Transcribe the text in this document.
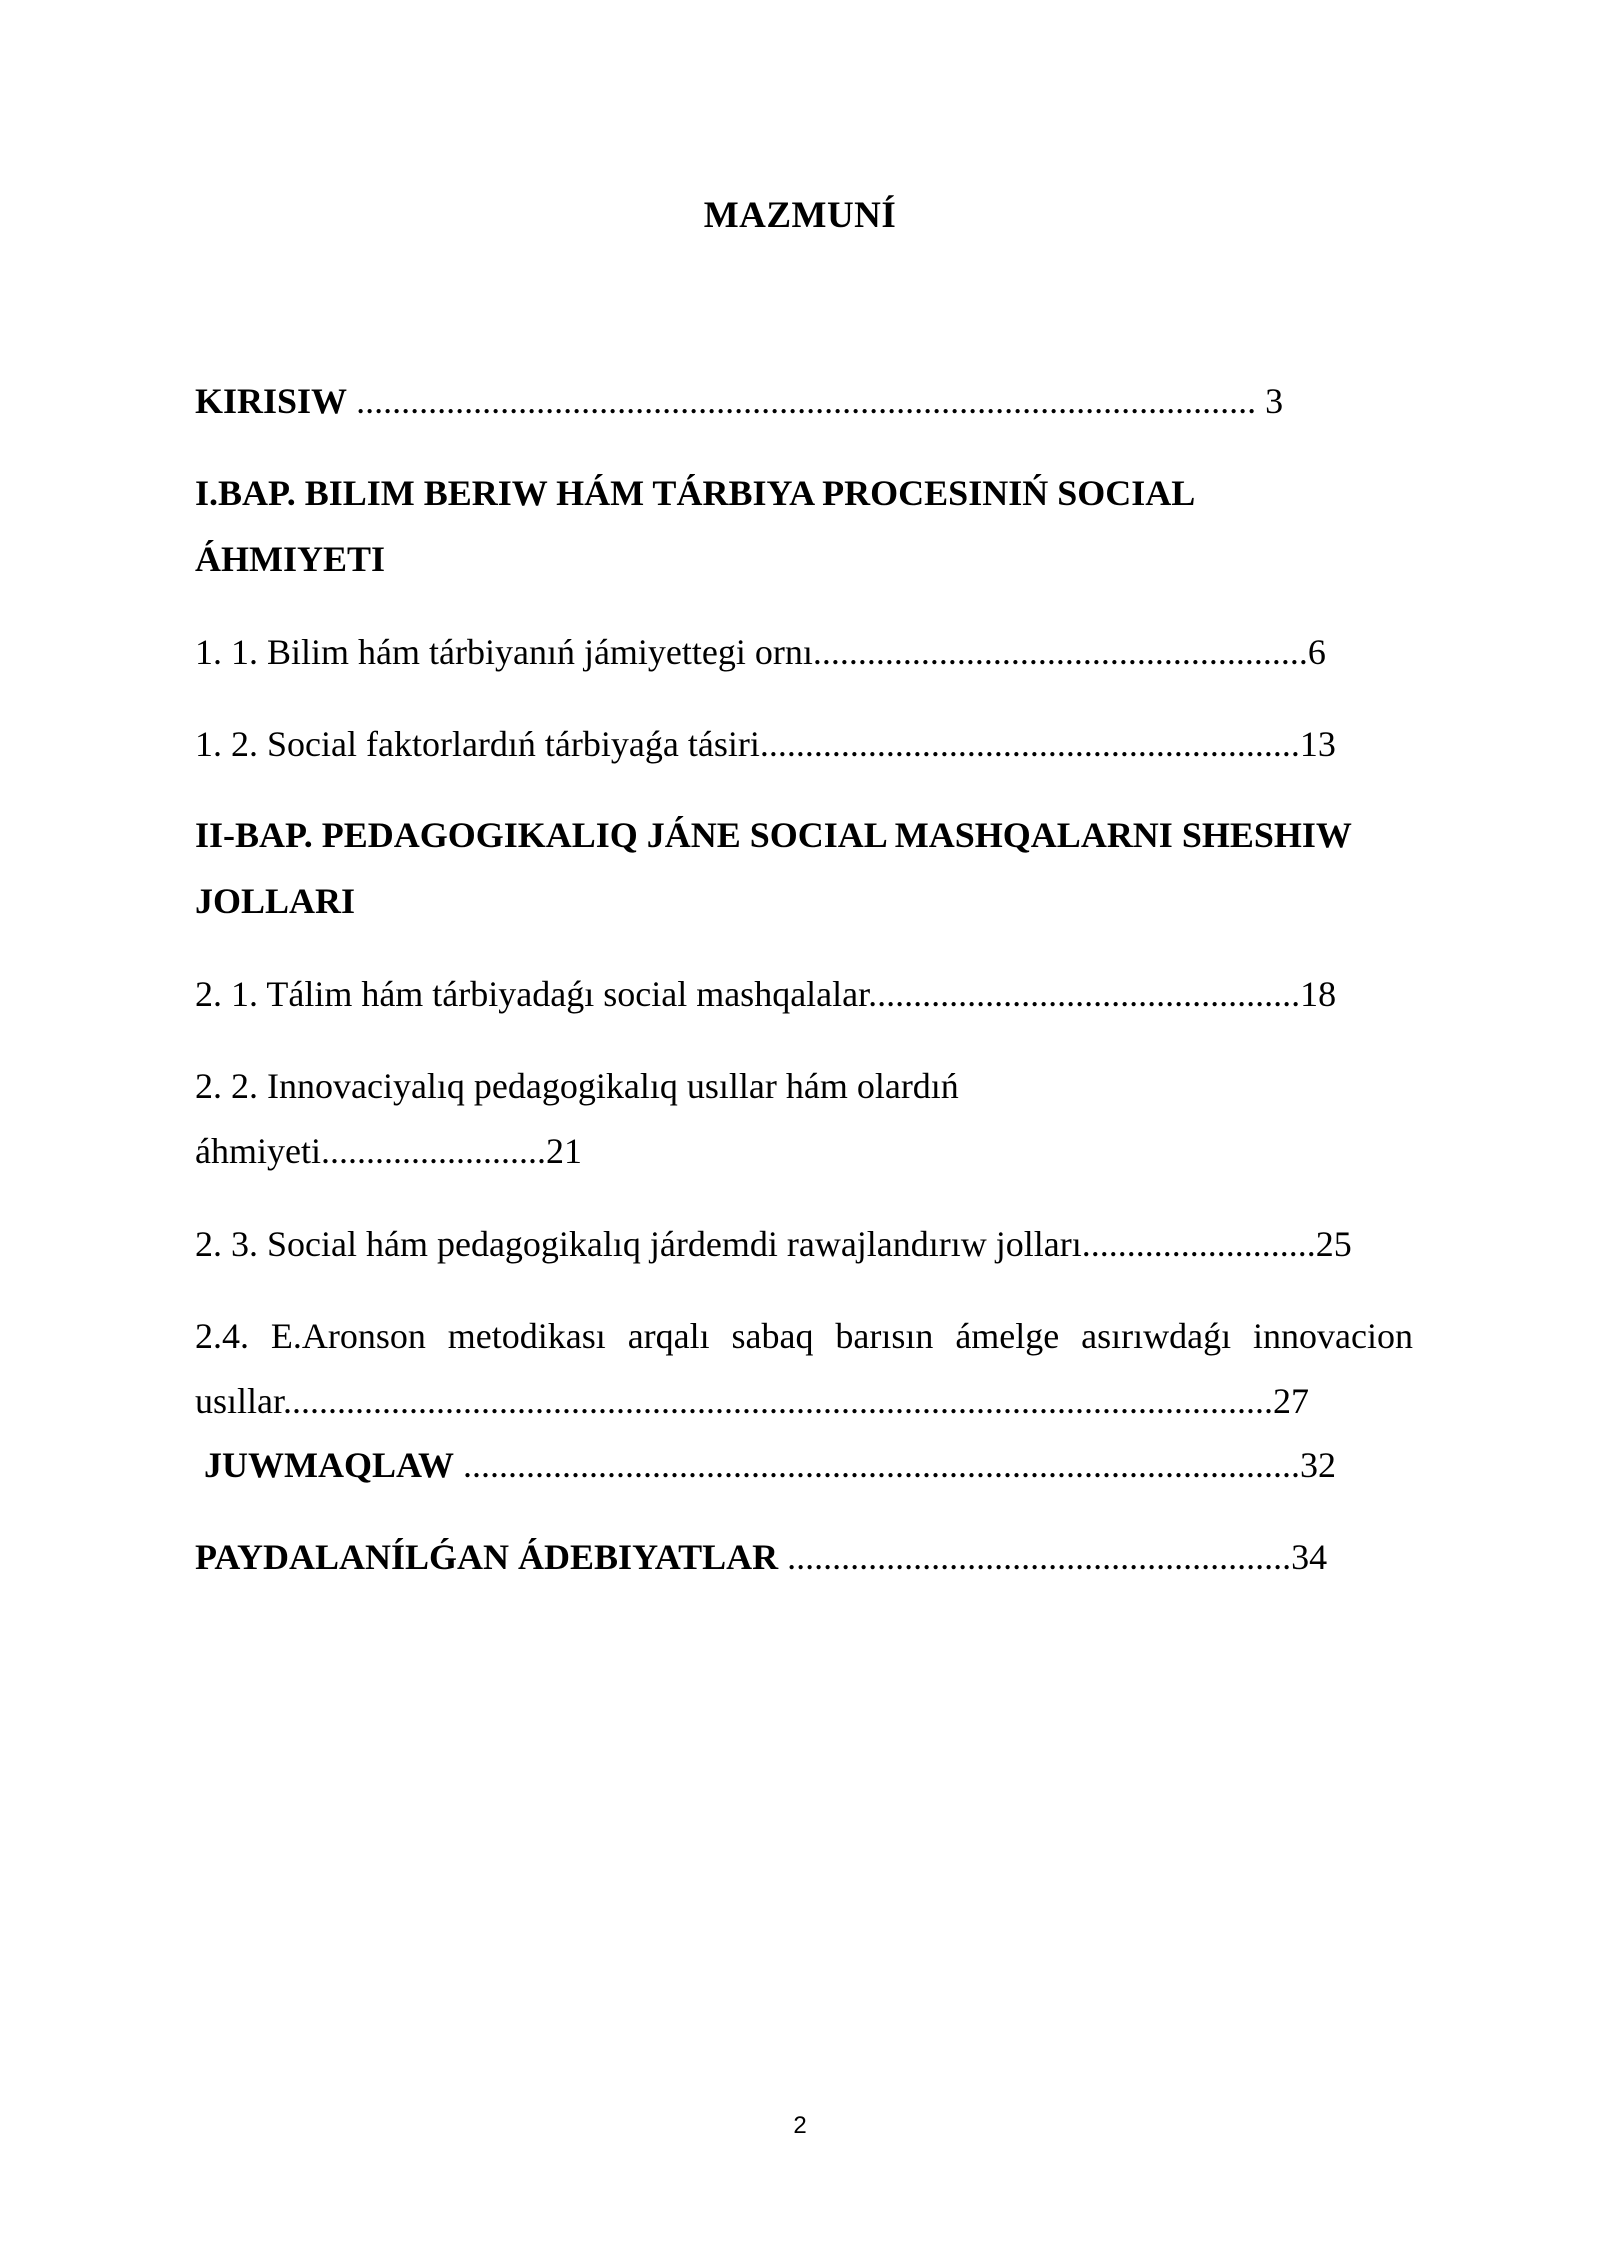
MAZMUNÍ
KIRISIW .................................................................................................... 3
I.BAP. BILIM BERIW HÁM TÁRBIYA PROCESINIŃ SOCIAL
ÁHMIYETI
1. 1. Bilim hám tárbiyanıń jámiyettegi ornı.......................................................6
1. 2. Social faktorlardıń tárbiyaǵa tásiri............................................................13
II-BAP. PEDAGOGIKALIQ JÁNE SOCIAL MASHQALARNI SHESHIW
JOLLARI
2. 1. Tálim hám tárbiyadaǵı social mashqalalar................................................18
2. 2. Innovaciyalıq pedagogikalıq usıllar hám olardıń
áhmiyeti.........................21
2. 3. Social hám pedagogikalıq járdemdi rawajlandırıw jolları..........................25
2.4. E.Aronson metodikası arqalı sabaq barısın ámelge asırıwdaǵı innovacion
usıllar..............................................................................................................27
JUWMAQLAW .............................................................................................32
PAYDALANÍLǴAN ÁDEBIYATLAR ........................................................34
2
